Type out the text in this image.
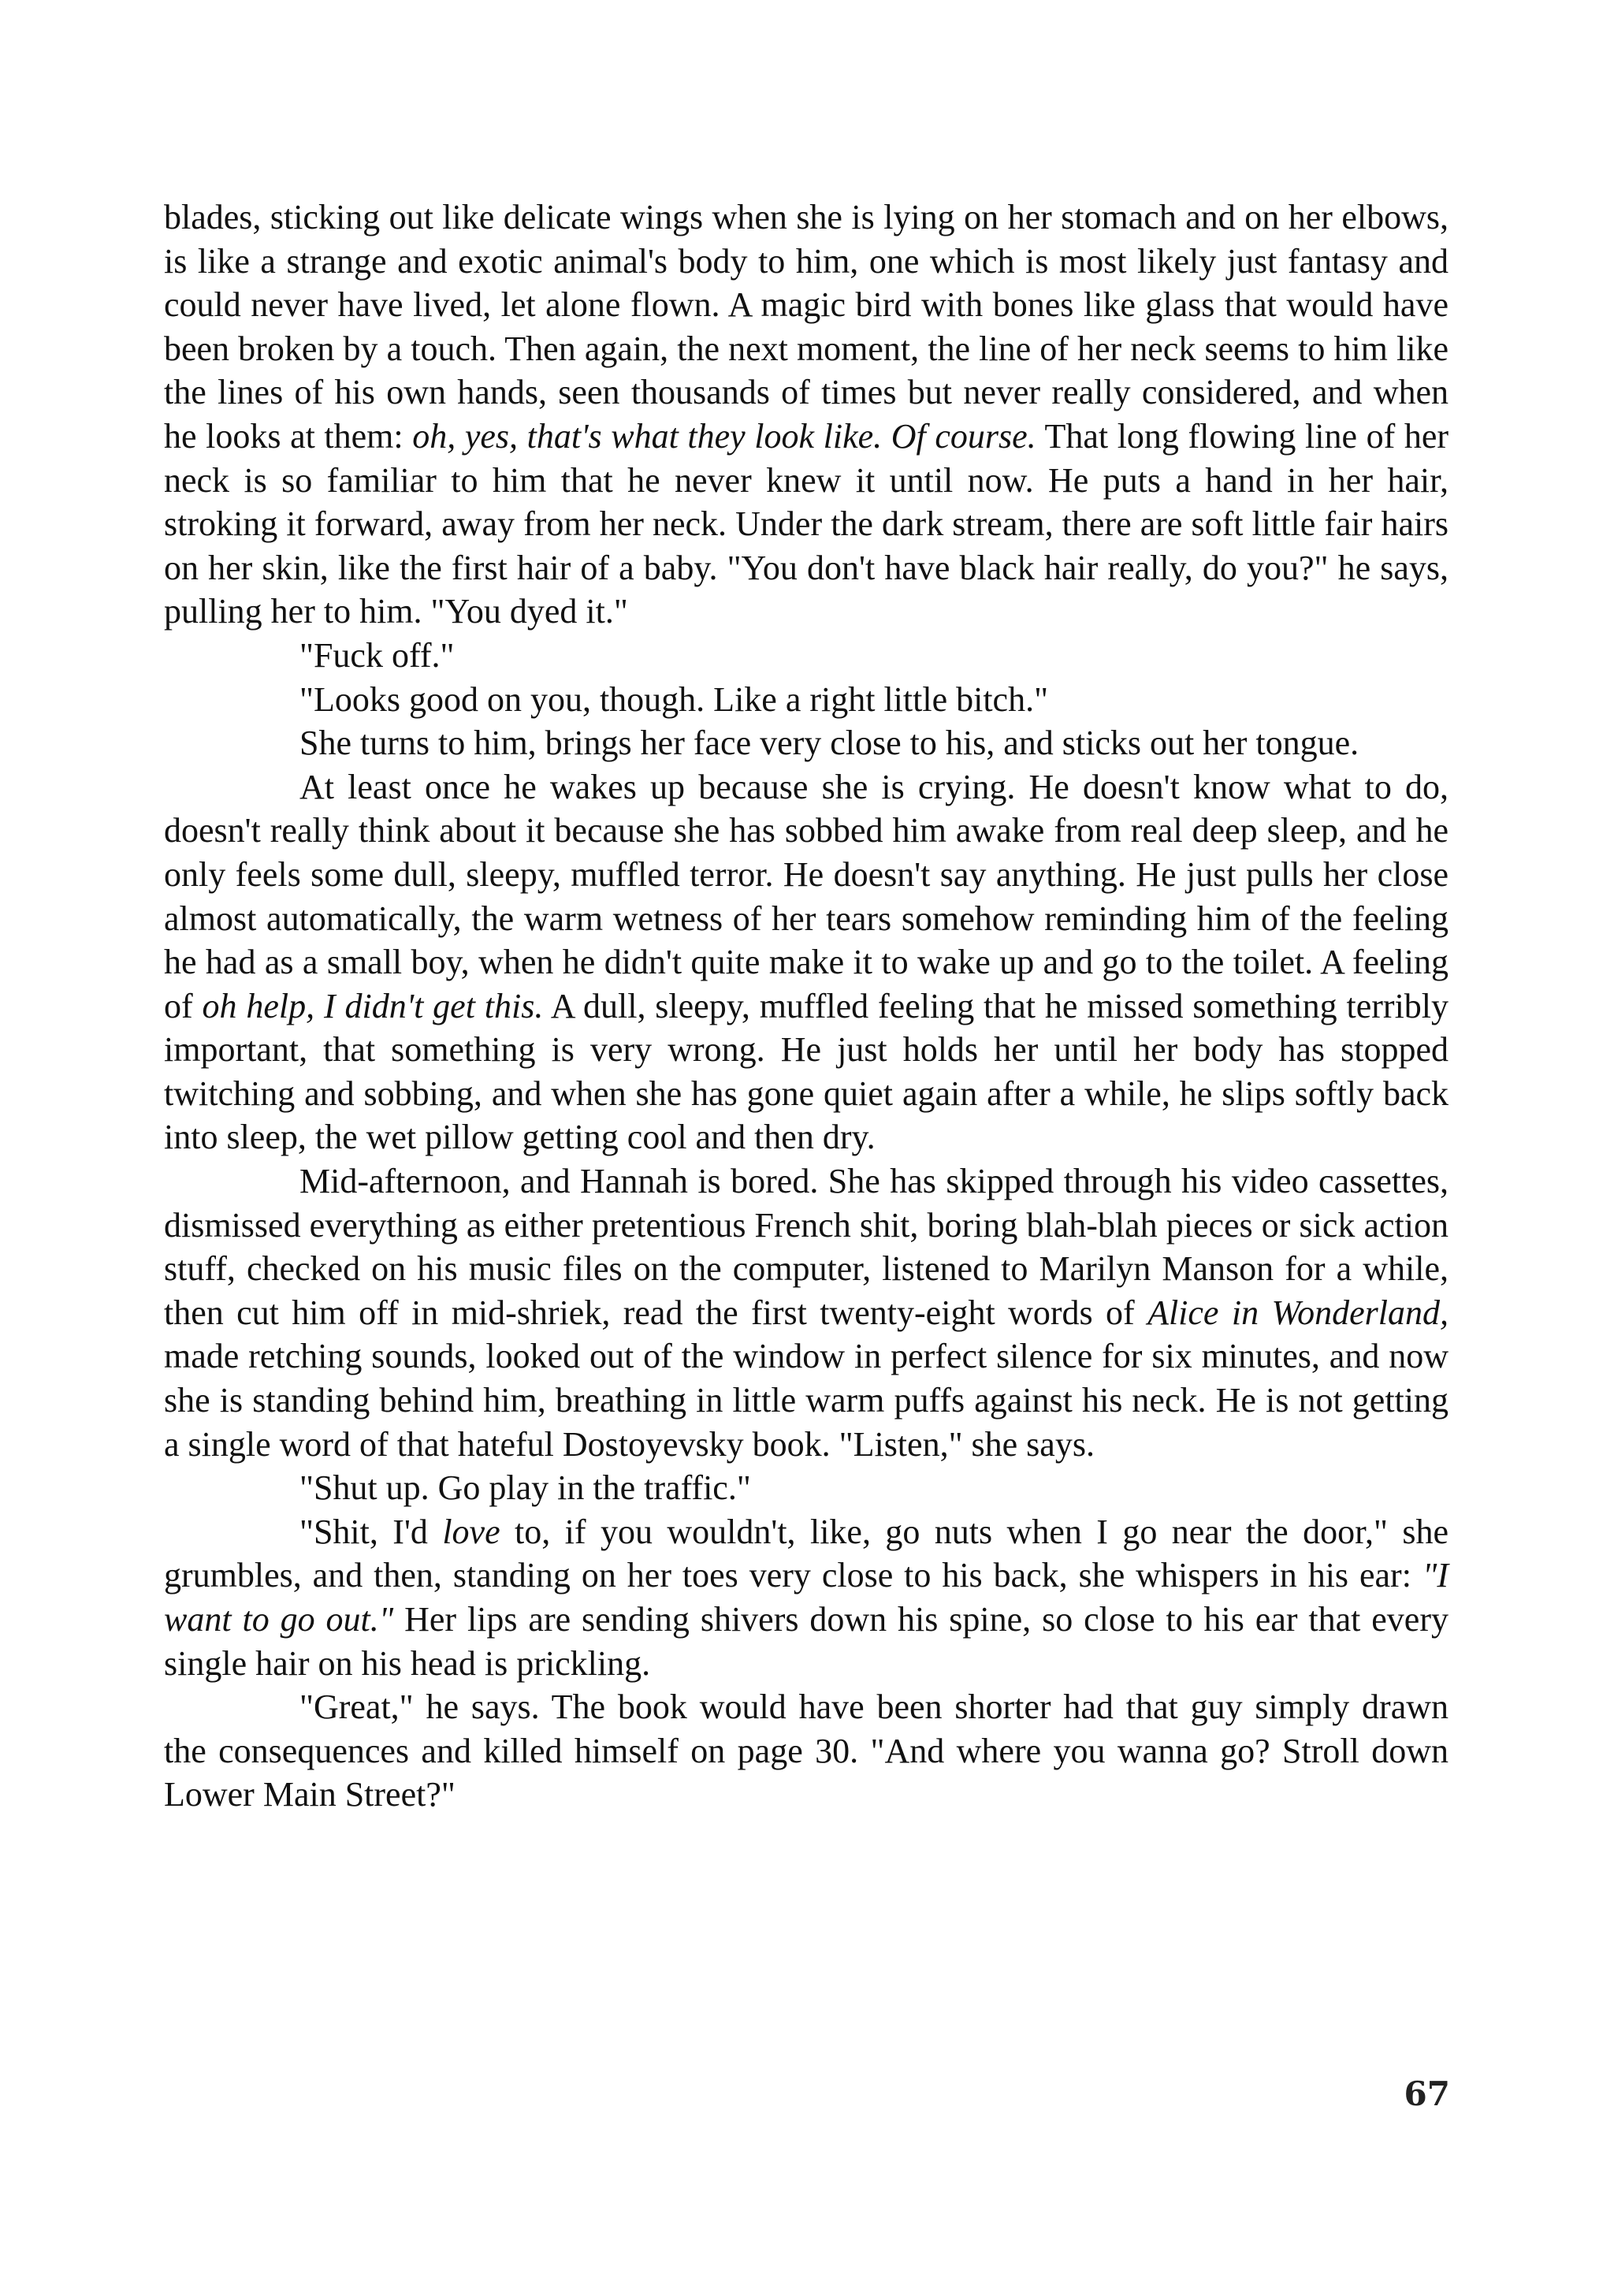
blades, sticking out like delicate wings when she is lying on her stomach and on her elbows, is like a strange and exotic animal's body to him, one which is most likely just fantasy and could never have lived, let alone flown. A magic bird with bones like glass that would have been broken by a touch. Then again, the next moment, the line of her neck seems to him like the lines of his own hands, seen thousands of times but never really considered, and when he looks at them: oh, yes, that's what they look like. Of course. That long flowing line of her neck is so familiar to him that he never knew it until now. He puts a hand in her hair, stroking it forward, away from her neck. Under the dark stream, there are soft little fair hairs on her skin, like the first hair of a baby. "You don't have black hair really, do you?" he says, pulling her to him. "You dyed it."

"Fuck off."

"Looks good on you, though. Like a right little bitch."

She turns to him, brings her face very close to his, and sticks out her tongue.

At least once he wakes up because she is crying. He doesn't know what to do, doesn't really think about it because she has sobbed him awake from real deep sleep, and he only feels some dull, sleepy, muffled terror. He doesn't say anything. He just pulls her close almost automatically, the warm wetness of her tears somehow reminding him of the feeling he had as a small boy, when he didn't quite make it to wake up and go to the toilet. A feeling of oh help, I didn't get this. A dull, sleepy, muffled feeling that he missed something terribly important, that something is very wrong. He just holds her until her body has stopped twitching and sobbing, and when she has gone quiet again after a while, he slips softly back into sleep, the wet pillow getting cool and then dry.

Mid-afternoon, and Hannah is bored. She has skipped through his video cassettes, dismissed everything as either pretentious French shit, boring blah-blah pieces or sick action stuff, checked on his music files on the computer, listened to Marilyn Manson for a while, then cut him off in mid-shriek, read the first twenty-eight words of Alice in Wonderland, made retching sounds, looked out of the window in perfect silence for six minutes, and now she is standing behind him, breathing in little warm puffs against his neck. He is not getting a single word of that hateful Dostoyevsky book. "Listen," she says.

"Shut up. Go play in the traffic."

"Shit, I'd love to, if you wouldn't, like, go nuts when I go near the door," she grumbles, and then, standing on her toes very close to his back, she whispers in his ear: "I want to go out." Her lips are sending shivers down his spine, so close to his ear that every single hair on his head is prickling.

"Great," he says. The book would have been shorter had that guy simply drawn the consequences and killed himself on page 30. "And where you wanna go? Stroll down Lower Main Street?"

67
